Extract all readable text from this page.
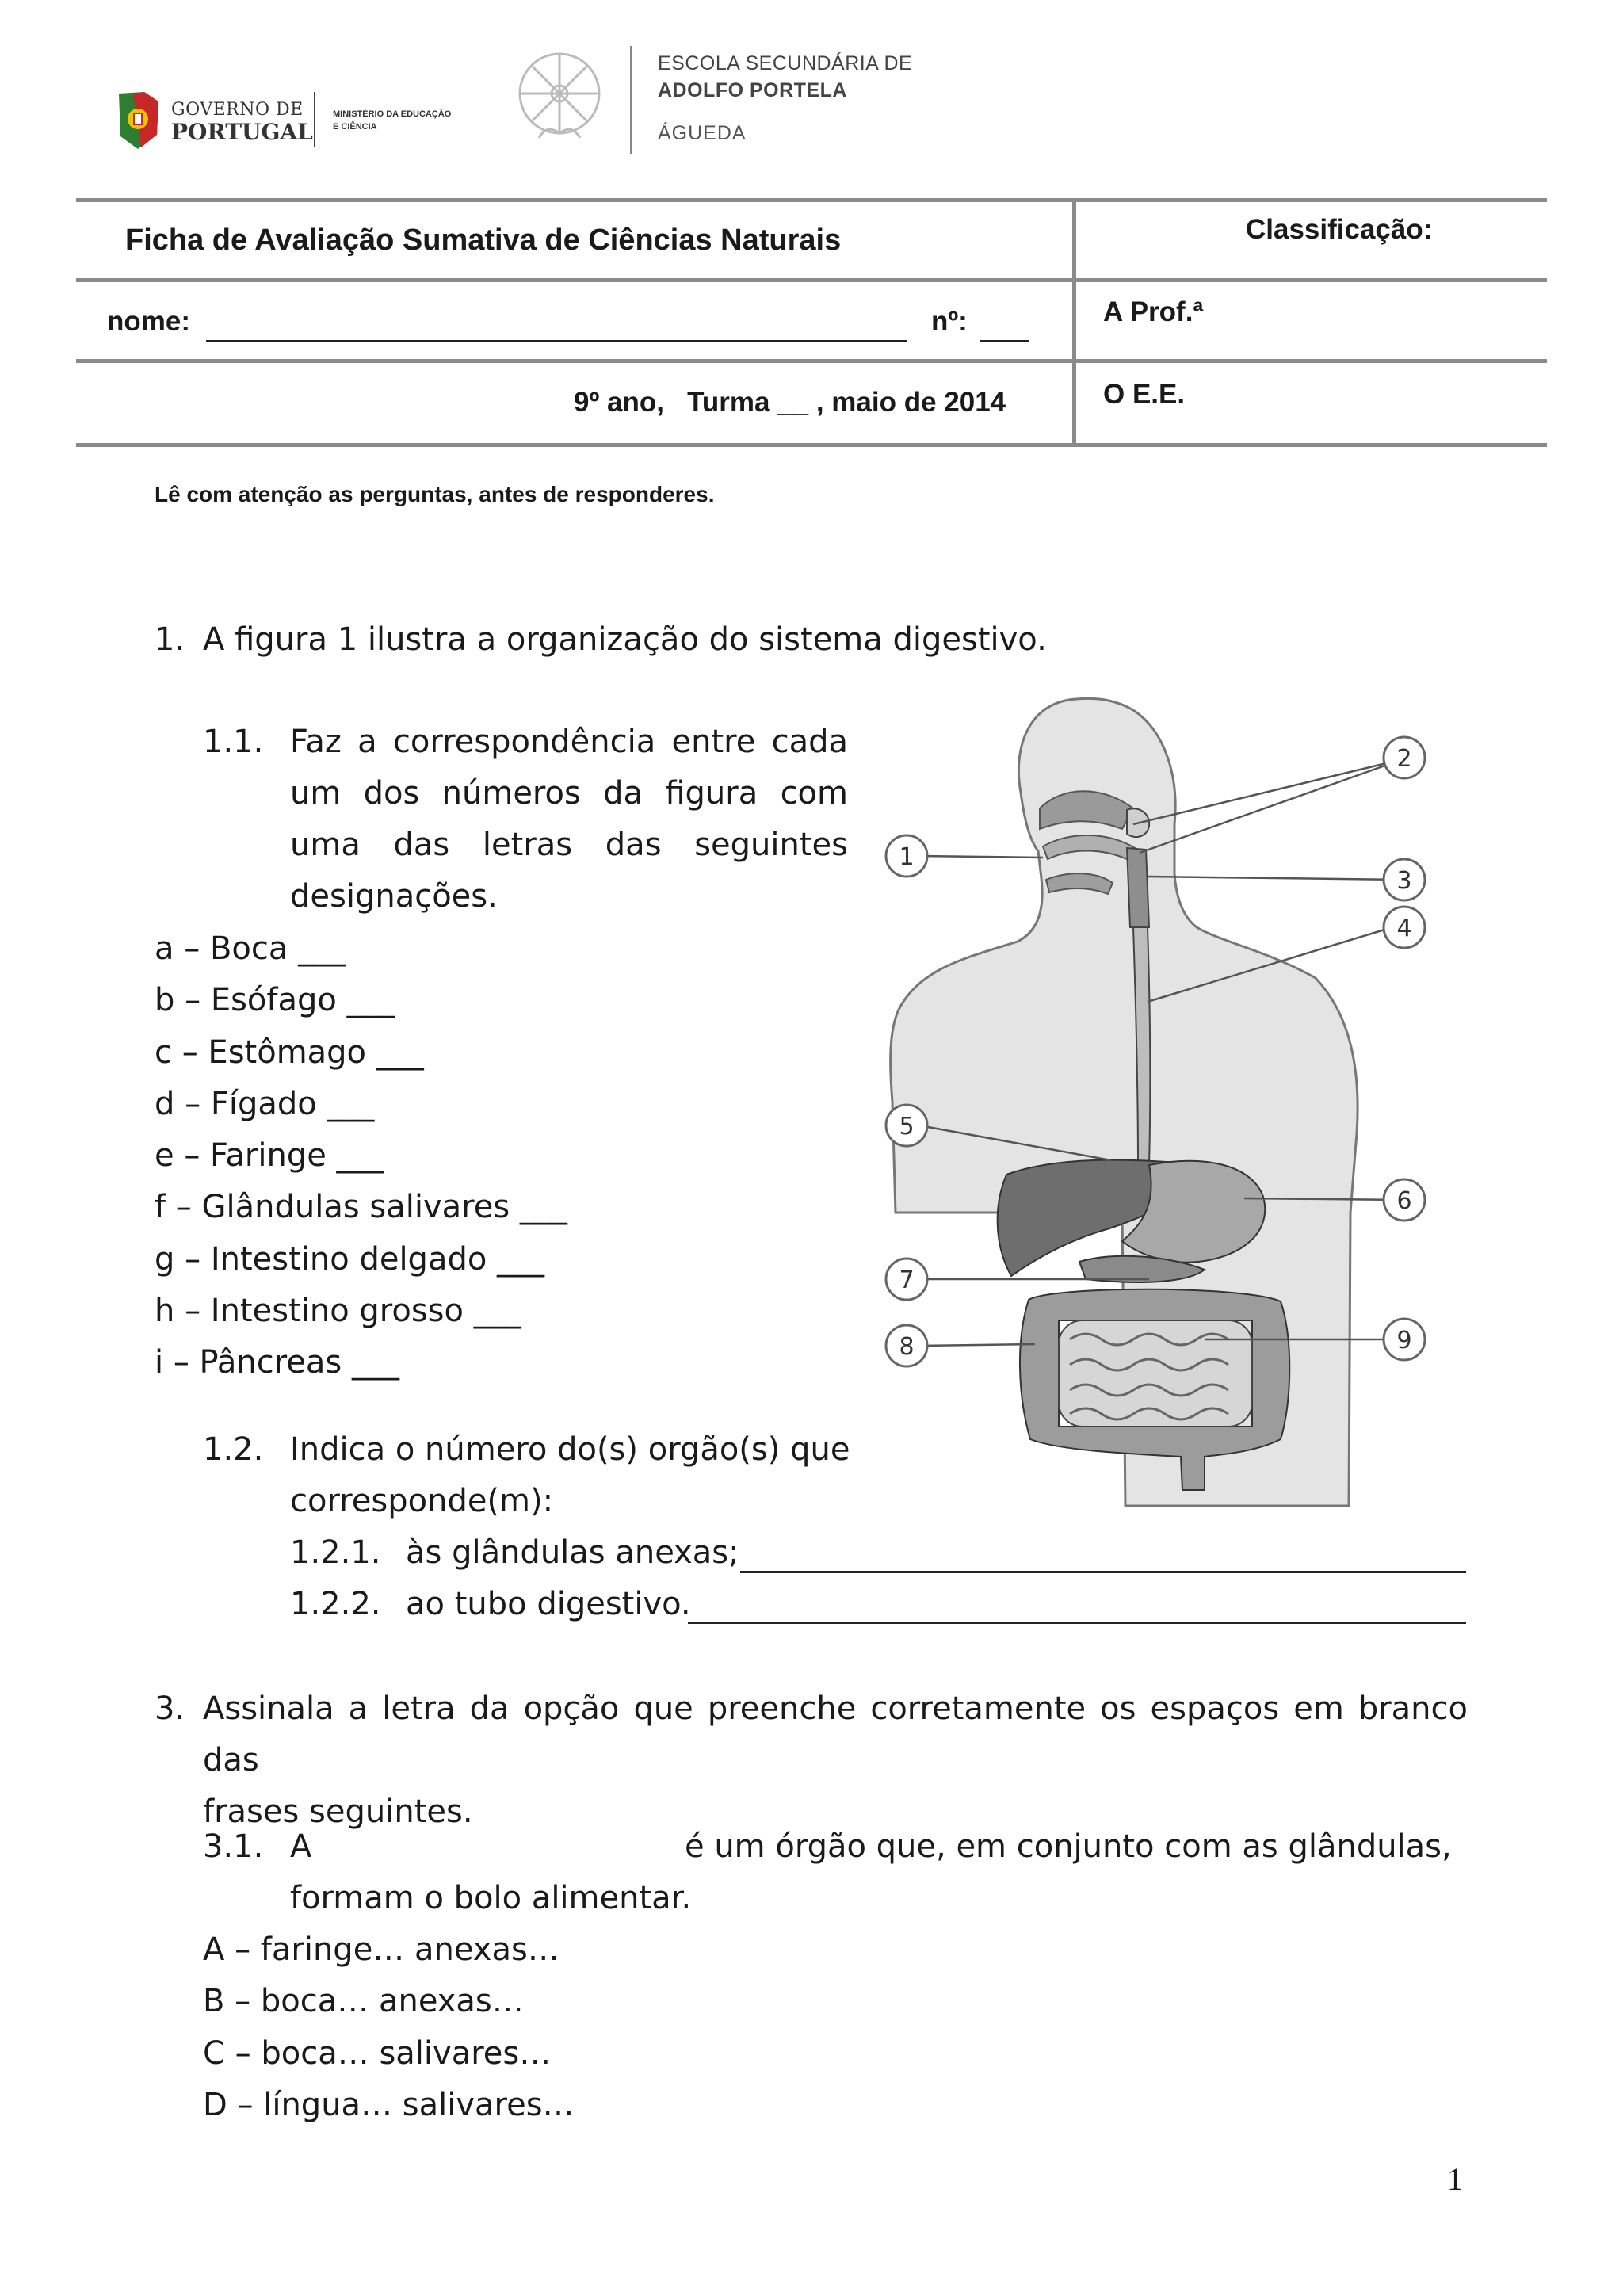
GOVERNO DE
PORTUGAL
MINISTÉRIO DA EDUCAÇÃO
E CIÊNCIA
ESCOLA SECUNDÁRIA DE
ADOLFO PORTELA
ÁGUEDA
Ficha de Avaliação Sumativa de Ciências Naturais	Classificação:
nome:	nº:	A Prof.ª
9º ano,   Turma __ , maio de 2014	O E.E.
Lê com atenção as perguntas, antes de responderes.
1. A figura 1 ilustra a organização do sistema digestivo.
1.1. Faz a correspondência entre cada
um dos números da figura com
uma das letras das seguintes
designações.
a – Boca ___
b – Esófago ___
c – Estômago ___
d – Fígado ___
e – Faringe ___
f – Glândulas salivares ___
g – Intestino delgado ___
h – Intestino grosso ___
i – Pâncreas ___
1.2. Indica o número do(s) orgão(s) que
corresponde(m):
1.2.1. às glândulas anexas;
1.2.2. ao tubo digestivo.
1
2
3
4
5
6
7
8	9
3. Assinala a letra da opção que preenche corretamente os espaços em branco das
frases seguintes.
3.1. A	é um órgão que, em conjunto com as glândulas,
formam o bolo alimentar.
A – faringe… anexas…
B – boca… anexas…
C – boca… salivares…
D – língua… salivares…
1
